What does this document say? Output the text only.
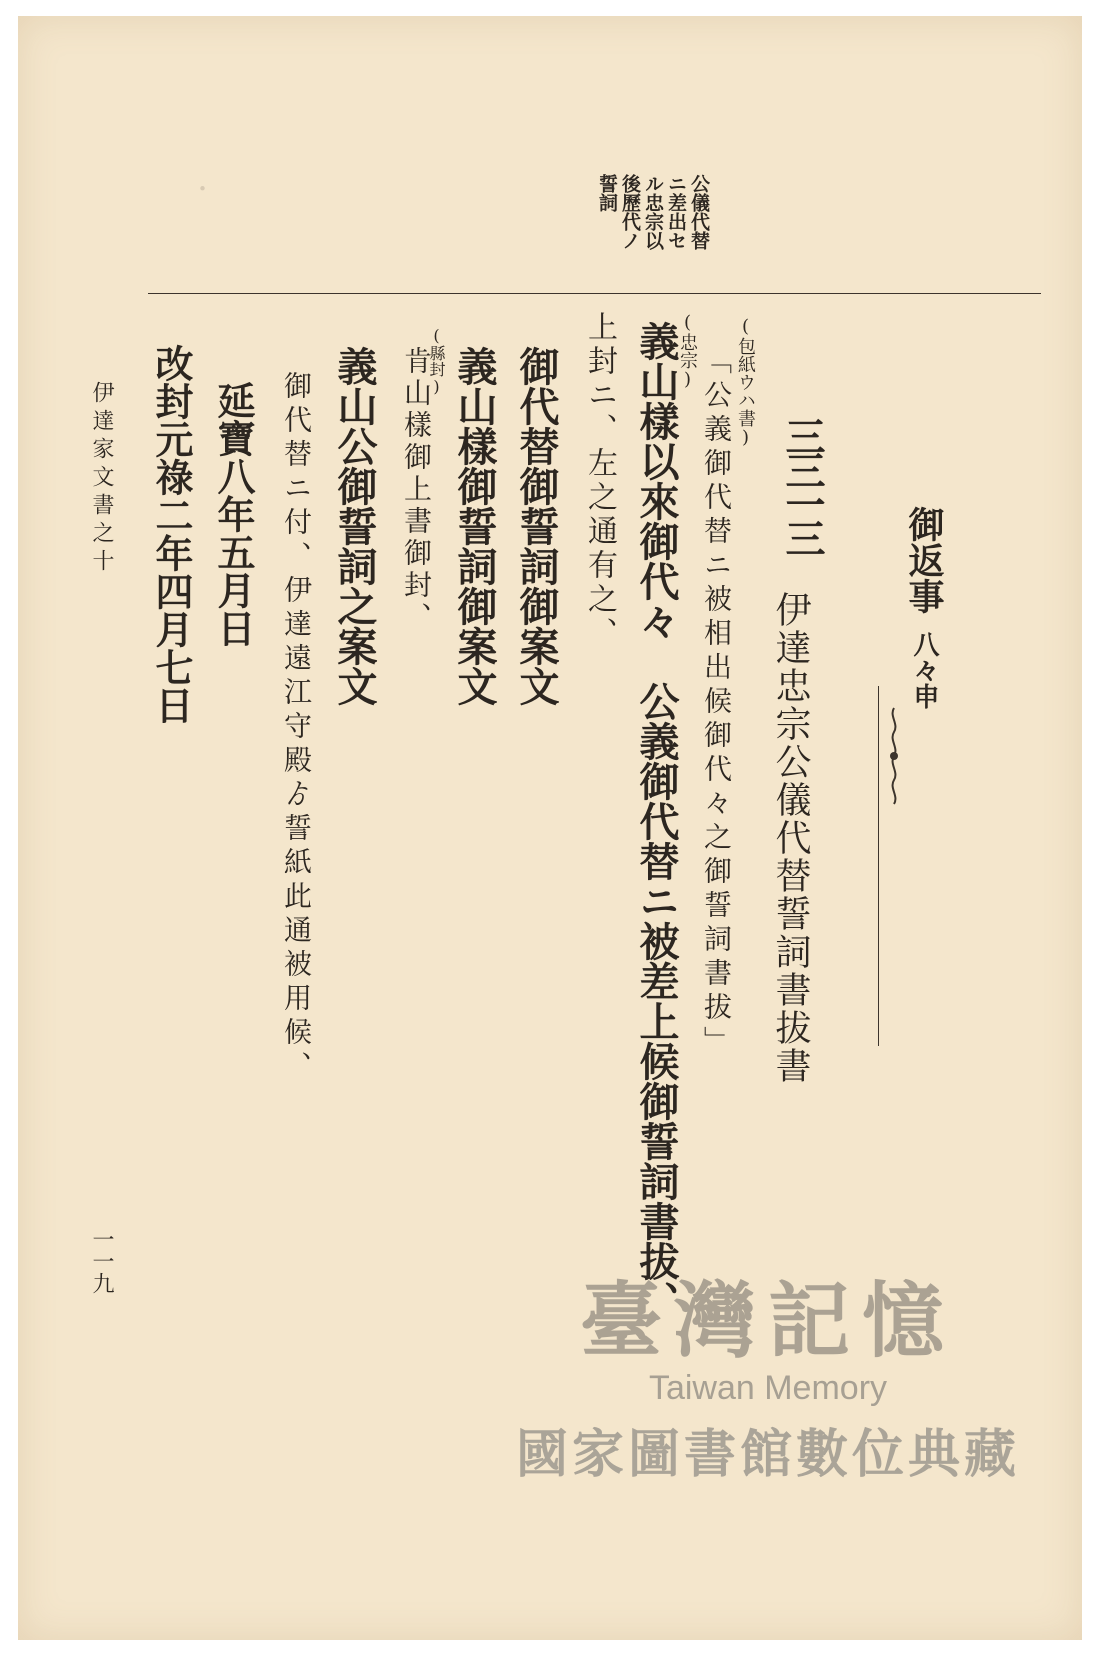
・	公儀代替
ニ差出セ
ル忠宗以
後歷代ノ
誓詞
御返事
八々申
三三一三
伊達忠宗公儀代替誓詞書拔書
(包紙ウハ書)
「公義御代替ニ被相出候御代々之御誓詞書拔」
(忠宗)
義山樣以來御代々　公義御代替ニ被差上候御誓詞書拔、
上封ニ、左之通有之、
御代替御誓詞御案文
義山樣御誓詞御案文
(縣封)
肯山樣御上書御封、
義山公御誓詞之案文
御代替ニ付、伊達遠江守殿ゟ誓紙此通被用候、
延寶八年五月日
改封元祿二年四月七日
伊達家文書之十
一一九
臺灣記憶
Taiwan Memory
國家圖書館數位典藏
